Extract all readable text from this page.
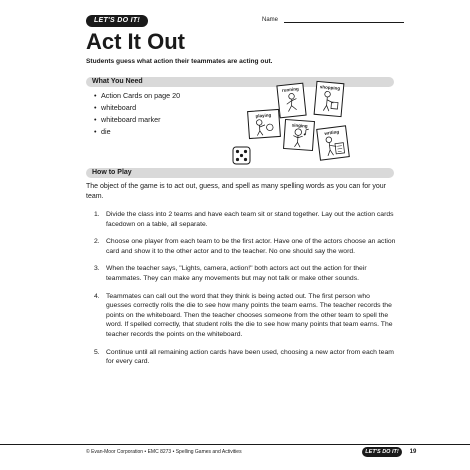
LET'S DO IT!	Name
Act It Out

Students guess what action their teammates are acting out.

What You Need
• Action Cards on page 20
• whiteboard
• whiteboard marker
• die
running	shopping
playing
singing
writing
How to Play

The object of the game is to act out, guess, and spell as many spelling words as you can for your team.

1. Divide the class into 2 teams and have each team sit or stand together. Lay out the action cards facedown on a table, all separate.
2. Choose one player from each team to be the first actor. Have one of the actors choose an action card and show it to the other actor and to the teacher. No one should say the word.
3. When the teacher says, "Lights, camera, action!" both actors act out the action for their teammates. They can make any movements but may not talk or make other sounds.
4. Teammates can call out the word that they think is being acted out. The first person who guesses correctly rolls the die to see how many points the team earns. The teacher records the points on the whiteboard. Then the teacher chooses someone from the other team to spell the word. If spelled correctly, that student rolls the die to see how many points that team earns. The teacher records the points on the whiteboard.
5. Continue until all remaining action cards have been used, choosing a new actor from each team for every card.
© Evan-Moor Corporation • EMC 8273 • Spelling Games and Activities	LET'S DO IT!	19
